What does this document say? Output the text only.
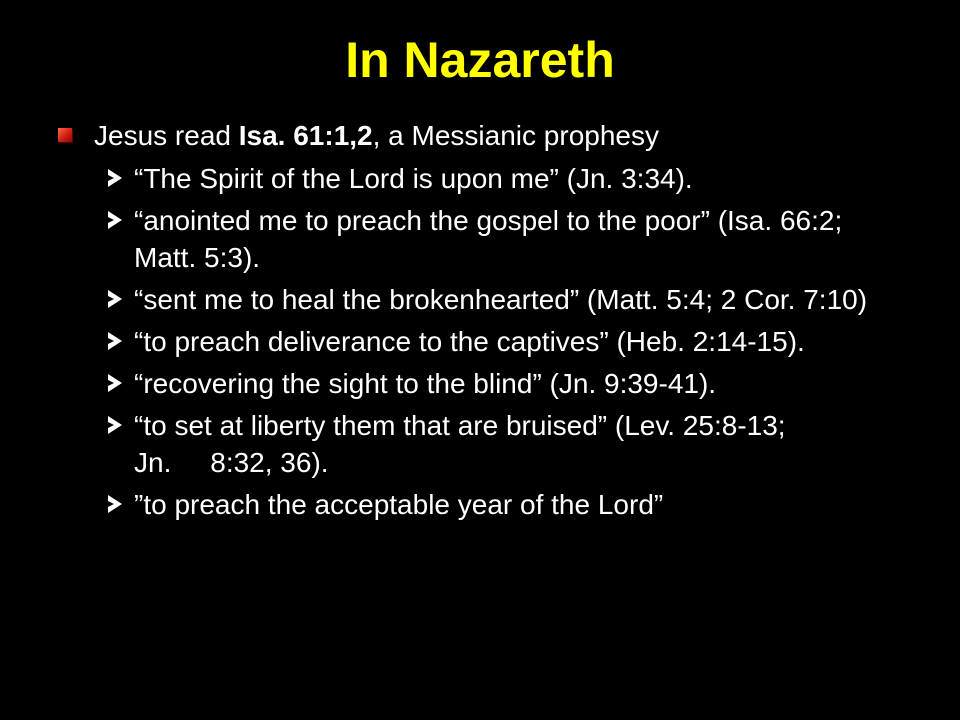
In Nazareth
Jesus read Isa. 61:1,2, a Messianic prophesy
“The Spirit of the Lord is upon me” (Jn. 3:34).
“anointed me to preach the gospel to the poor” (Isa. 66:2; Matt. 5:3).
“sent me to heal the brokenhearted” (Matt. 5:4; 2 Cor. 7:10)
“to preach deliverance to the captives” (Heb. 2:14-15).
“recovering the sight to the blind” (Jn. 9:39-41).
“to set at liberty them that are bruised” (Lev. 25:8-13; Jn.     8:32, 36).
”to preach the acceptable year of the Lord”
